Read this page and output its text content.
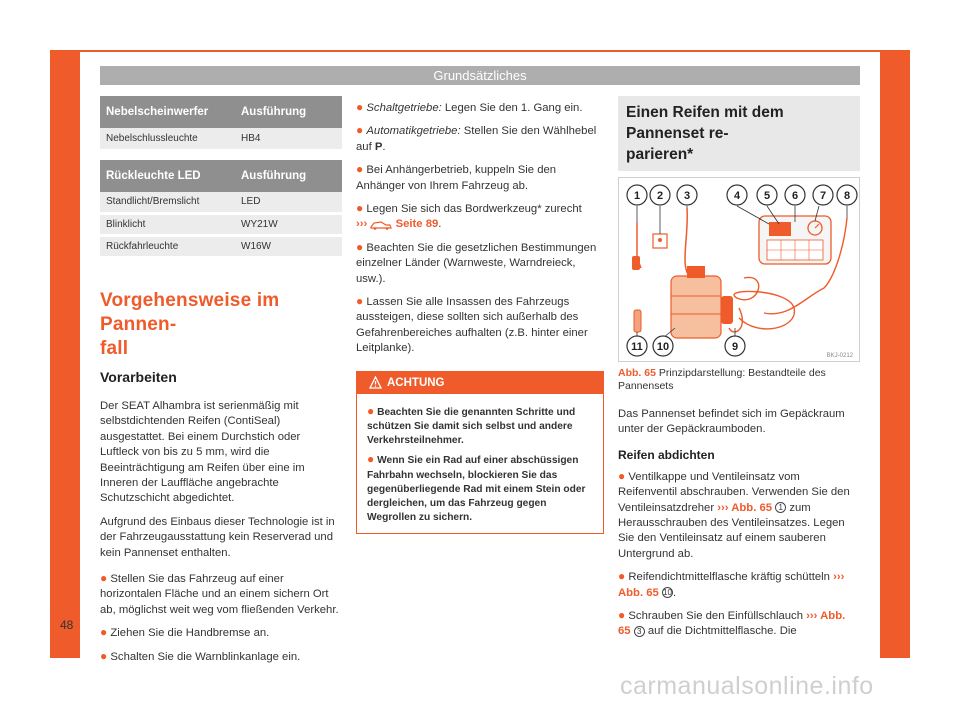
Grundsätzliches
48
Nebelscheinwerfer	Ausführung
Nebelschlussleuchte	HB4
Rückleuchte LED	Ausführung
Standlicht/Bremslicht	LED
Blinklicht	WY21W
Rückfahrleuchte	W16W
Vorgehensweise im Pannen-
fall
Vorarbeiten

Der SEAT Alhambra ist serienmäßig mit selbstdichtenden Reifen (ContiSeal) ausgestattet. Bei einem Durchstich oder Luftleck von bis zu 5 mm, wird die Beeinträchtigung am Reifen über eine im Inneren der Lauffläche angebrachte Schutzschicht abgedichtet.

Aufgrund des Einbaus dieser Technologie ist in der Fahrzeugausstattung kein Reserverad und kein Pannenset enthalten.

● Stellen Sie das Fahrzeug auf einer horizontalen Fläche und an einem sichern Ort ab, möglichst weit weg vom fließenden Verkehr.
● Ziehen Sie die Handbremse an.
● Schalten Sie die Warnblinkanlage ein.
● Schaltgetriebe: Legen Sie den 1. Gang ein.
● Automatikgetriebe: Stellen Sie den Wählhebel auf P.
● Bei Anhängerbetrieb, kuppeln Sie den Anhänger von Ihrem Fahrzeug ab.
● Legen Sie sich das Bordwerkzeug* zurecht
›››	Seite 89.
● Beachten Sie die gesetzlichen Bestimmungen einzelner Länder (Warnweste, Warndreieck, usw.).
● Lassen Sie alle Insassen des Fahrzeugs aussteigen, diese sollten sich außerhalb des Gefahrenbereiches aufhalten (z.B. hinter einer Leitplanke).
ACHTUNG
● Beachten Sie die genannten Schritte und schützen Sie damit sich selbst und andere Verkehrsteilnehmer.
● Wenn Sie ein Rad auf einer abschüssigen Fahrbahn wechseln, blockieren Sie das gegenüberliegende Rad mit einem Stein oder dergleichen, um das Fahrzeug gegen Wegrollen zu sichern.
Einen Reifen mit dem Pannenset re-
parieren*
1 2 3	4 5 6 7 8
9
10
11
BKJ-0212
Abb. 65 Prinzipdarstellung: Bestandteile des Pannensets

Das Pannenset befindet sich im Gepäckraum unter der Gepäckraumboden.

Reifen abdichten
● Ventilkappe und Ventileinsatz vom Reifenventil abschrauben. Verwenden Sie den Ventileinsatzdreher ››› Abb. 65 1 zum Herausschrauben des Ventileinsatzes. Legen Sie den Ventileinsatz auf einem sauberen Untergrund ab.
● Reifendichtmittelflasche kräftig schütteln ››› Abb. 65 10.
● Schrauben Sie den Einfüllschlauch ››› Abb. 65 3 auf die Dichtmittelflasche. Die
carmanualsonline.info
